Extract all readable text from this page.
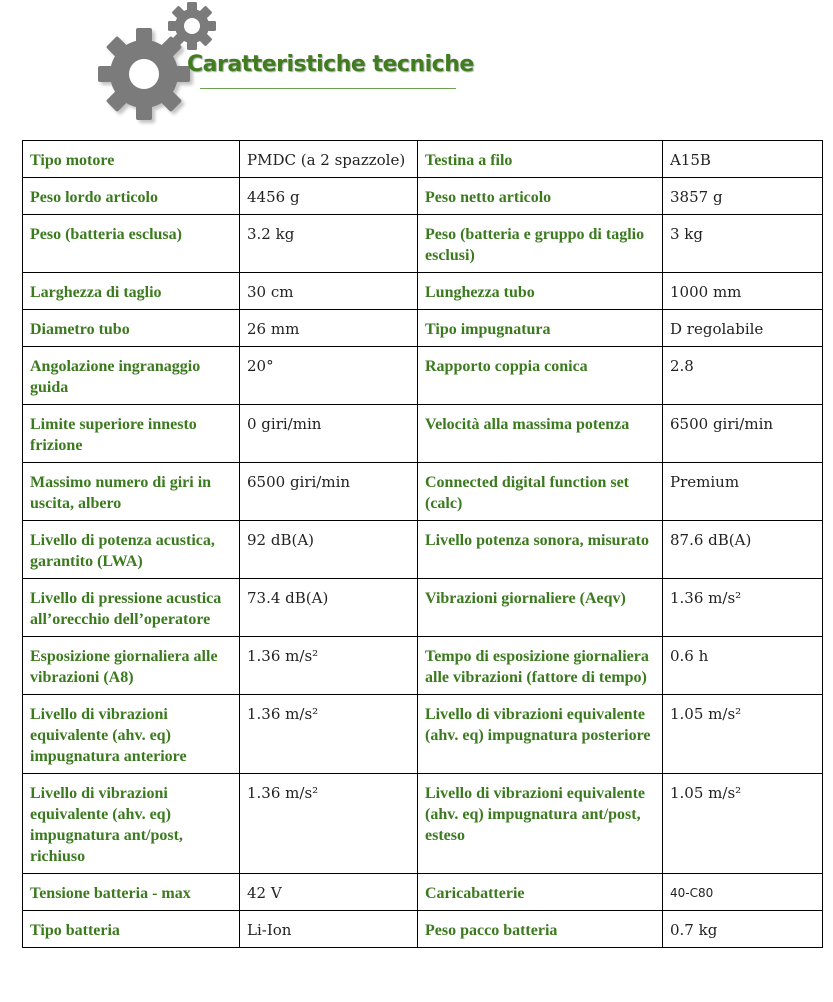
Caratteristiche tecniche
Tipo motore	PMDC (a 2 spazzole)	Testina a filo	A15B
Peso lordo articolo	4456 g	Peso netto articolo	3857 g
Peso (batteria esclusa)	3.2 kg	Peso (batteria e gruppo di taglio esclusi)	3 kg
Larghezza di taglio	30 cm	Lunghezza tubo	1000 mm
Diametro tubo	26 mm	Tipo impugnatura	D regolabile
Angolazione ingranaggio guida	20°	Rapporto coppia conica	2.8
Limite superiore innesto frizione	0 giri/min	Velocità alla massima potenza	6500 giri/min
Massimo numero di giri in uscita, albero	6500 giri/min	Connected digital function set (calc)	Premium
Livello di potenza acustica, garantito (LWA)	92 dB(A)	Livello potenza sonora, misurato	87.6 dB(A)
Livello di pressione acustica all’orecchio dell’operatore	73.4 dB(A)	Vibrazioni giornaliere (Aeqv)	1.36 m/s²
Esposizione giornaliera alle vibrazioni (A8)	1.36 m/s²	Tempo di esposizione giornaliera alle vibrazioni (fattore di tempo)	0.6 h
Livello di vibrazioni equivalente (ahv. eq) impugnatura anteriore	1.36 m/s²	Livello di vibrazioni equivalente (ahv. eq) impugnatura posteriore	1.05 m/s²
Livello di vibrazioni equivalente (ahv. eq) impugnatura ant/post, richiuso	1.36 m/s²	Livello di vibrazioni equivalente (ahv. eq) impugnatura ant/post, esteso	1.05 m/s²
Tensione batteria - max	42 V	Caricabatterie	40-C80
Tipo batteria	Li-Ion	Peso pacco batteria	0.7 kg
